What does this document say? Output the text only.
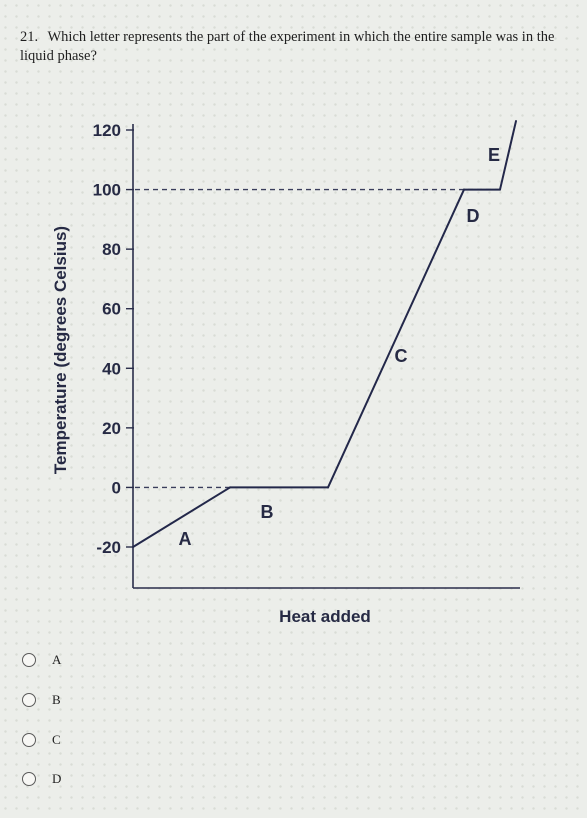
21. Which letter represents the part of the experiment in which the entire sample was in the liquid phase?
120
100
80
60
40
20
0
-20
Temperature (degrees Celsius)
Heat added
A
B
C
D
E
A
B
C
D
